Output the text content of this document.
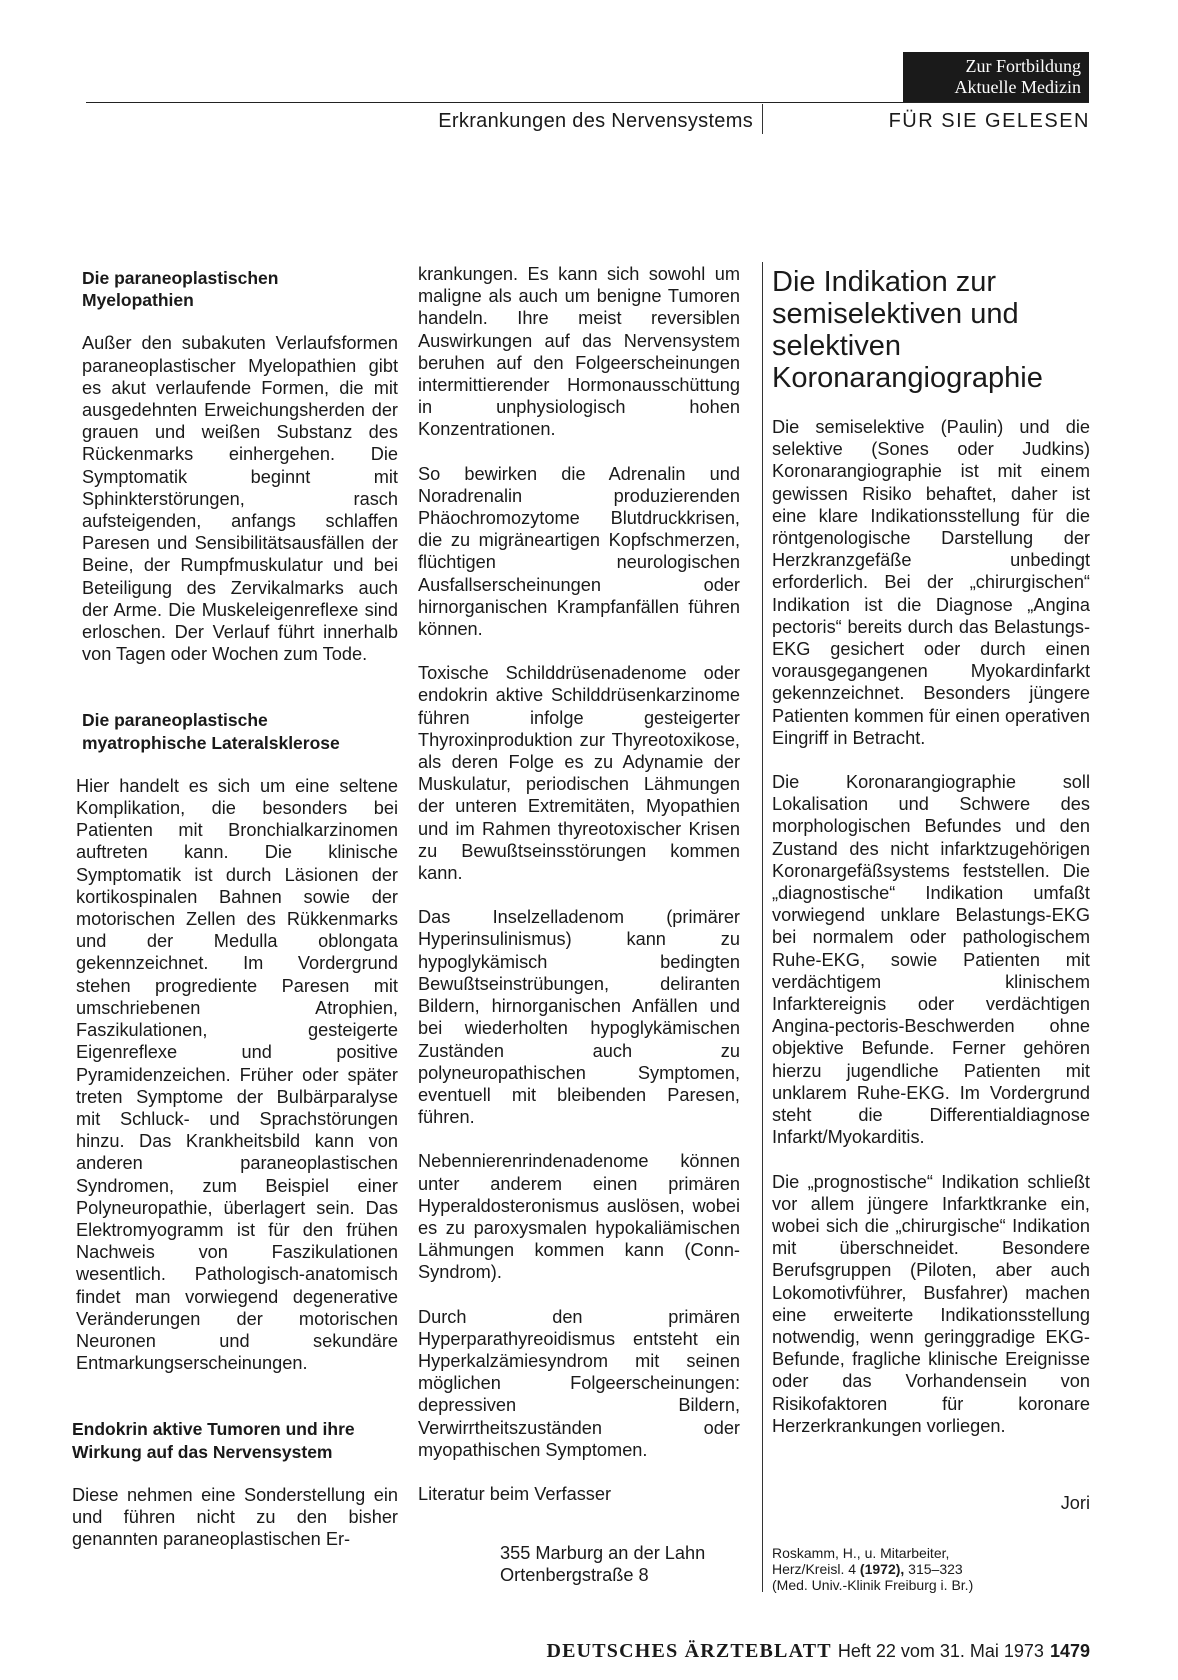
Zur Fortbildung
Aktuelle Medizin
Erkrankungen des Nervensystems	FÜR SIE GELESEN
Die paraneoplastischen Myelopathien

Außer den subakuten Verlaufsformen paraneoplastischer Myelopathien gibt es akut verlaufende Formen, die mit ausgedehnten Erweichungsherden der grauen und weißen Substanz des Rückenmarks einhergehen. Die Symptomatik beginnt mit Sphinkterstörungen, rasch aufsteigenden, anfangs schlaffen Paresen und Sensibilitätsausfällen der Beine, der Rumpfmuskulatur und bei Beteiligung des Zervikalmarks auch der Arme. Die Muskeleigenreflexe sind erloschen. Der Verlauf führt innerhalb von Tagen oder Wochen zum Tode.

Die paraneoplastische myatrophische Lateralsklerose

Hier handelt es sich um eine seltene Komplikation, die besonders bei Patienten mit Bronchialkarzinomen auftreten kann. Die klinische Symptomatik ist durch Läsionen der kortikospinalen Bahnen sowie der motorischen Zellen des Rükkenmarks und der Medulla oblongata gekennzeichnet. Im Vordergrund stehen progrediente Paresen mit umschriebenen Atrophien, Faszikulationen, gesteigerte Eigenreflexe und positive Pyramidenzeichen. Früher oder später treten Symptome der Bulbärparalyse mit Schluck- und Sprachstörungen hinzu. Das Krankheitsbild kann von anderen paraneoplastischen Syndromen, zum Beispiel einer Polyneuropathie, überlagert sein. Das Elektromyogramm ist für den frühen Nachweis von Faszikulationen wesentlich. Pathologisch-anatomisch findet man vorwiegend degenerative Veränderungen der motorischen Neuronen und sekundäre Entmarkungserscheinungen.

Endokrin aktive Tumoren und ihre Wirkung auf das Nervensystem

Diese nehmen eine Sonderstellung ein und führen nicht zu den bisher genannten paraneoplastischen Er-

krankungen. Es kann sich sowohl um maligne als auch um benigne Tumoren handeln. Ihre meist reversiblen Auswirkungen auf das Nervensystem beruhen auf den Folgeerscheinungen intermittierender Hormonausschüttung in unphysiologisch hohen Konzentrationen.

So bewirken die Adrenalin und Noradrenalin produzierenden Phäochromozytome Blutdruckkrisen, die zu migräneartigen Kopfschmerzen, flüchtigen neurologischen Ausfallserscheinungen oder hirnorganischen Krampfanfällen führen können.

Toxische Schilddrüsenadenome oder endokrin aktive Schilddrüsenkarzinome führen infolge gesteigerter Thyroxinproduktion zur Thyreotoxikose, als deren Folge es zu Adynamie der Muskulatur, periodischen Lähmungen der unteren Extremitäten, Myopathien und im Rahmen thyreotoxischer Krisen zu Bewußtseinsstörungen kommen kann.

Das Inselzelladenom (primärer Hyperinsulinismus) kann zu hypoglykämisch bedingten Bewußtseinstrübungen, deliranten Bildern, hirnorganischen Anfällen und bei wiederholten hypoglykämischen Zuständen auch zu polyneuropathischen Symptomen, eventuell mit bleibenden Paresen, führen.

Nebennierenrindenadenome können unter anderem einen primären Hyperaldosteronismus auslösen, wobei es zu paroxysmalen hypokaliämischen Lähmungen kommen kann (Conn-Syndrom).

Durch den primären Hyperparathyreoidismus entsteht ein Hyperkalzämiesyndrom mit seinen möglichen Folgeerscheinungen: depressiven Bildern, Verwirrtheitszuständen oder myopathischen Symptomen.

Literatur beim Verfasser

355 Marburg an der Lahn
Ortenbergstraße 8
Die Indikation zur semiselektiven und selektiven Koronarangiographie

Die semiselektive (Paulin) und die selektive (Sones oder Judkins) Koronarangiographie ist mit einem gewissen Risiko behaftet, daher ist eine klare Indikationsstellung für die röntgenologische Darstellung der Herzkranzgefäße unbedingt erforderlich. Bei der „chirurgischen“ Indikation ist die Diagnose „Angina pectoris“ bereits durch das Belastungs-EKG gesichert oder durch einen vorausgegangenen Myokardinfarkt gekennzeichnet. Besonders jüngere Patienten kommen für einen operativen Eingriff in Betracht.

Die Koronarangiographie soll Lokalisation und Schwere des morphologischen Befundes und den Zustand des nicht infarktzugehörigen Koronargefäßsystems feststellen. Die „diagnostische“ Indikation umfaßt vorwiegend unklare Belastungs-EKG bei normalem oder pathologischem Ruhe-EKG, sowie Patienten mit verdächtigem klinischem Infarktereignis oder verdächtigen Angina-pectoris-Beschwerden ohne objektive Befunde. Ferner gehören hierzu jugendliche Patienten mit unklarem Ruhe-EKG. Im Vordergrund steht die Differentialdiagnose Infarkt/Myokarditis.

Die „prognostische“ Indikation schließt vor allem jüngere Infarktkranke ein, wobei sich die „chirurgische“ Indikation mit überschneidet. Besondere Berufsgruppen (Piloten, aber auch Lokomotivführer, Busfahrer) machen eine erweiterte Indikationsstellung notwendig, wenn geringgradige EKG-Befunde, fragliche klinische Ereignisse oder das Vorhandensein von Risikofaktoren für koronare Herzerkrankungen vorliegen.

Jori
Roskamm, H., u. Mitarbeiter,
Herz/Kreisl. 4 (1972), 315–323
(Med. Univ.-Klinik Freiburg i. Br.)
DEUTSCHES ÄRZTEBLATT Heft 22 vom 31. Mai 1973 1479
